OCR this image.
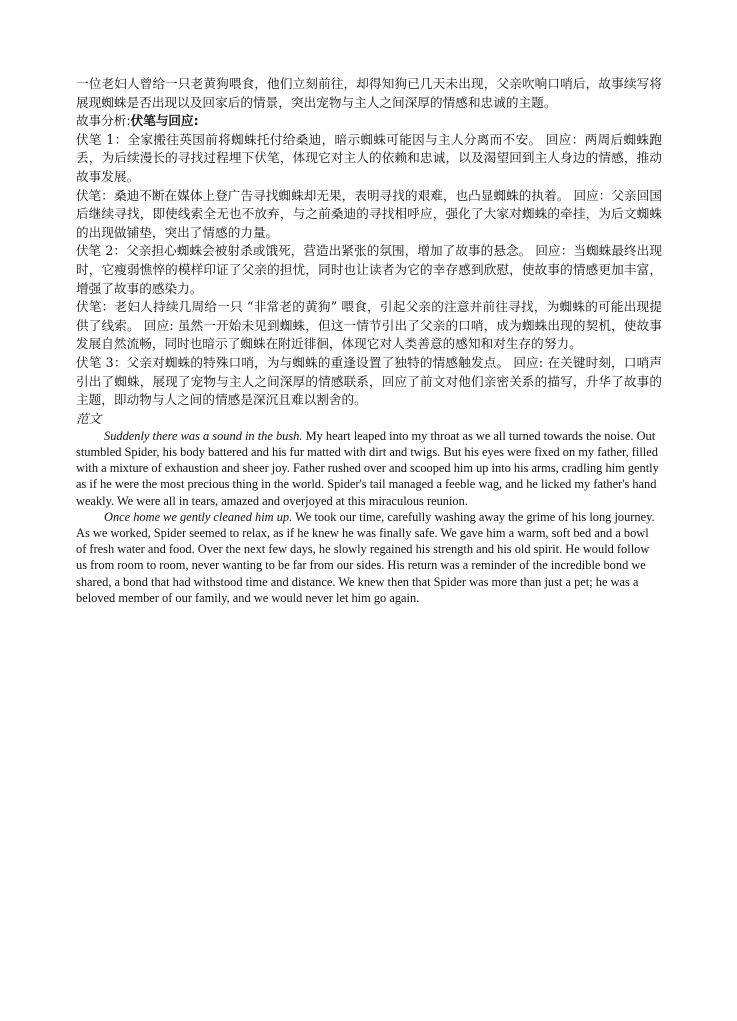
一位老妇人曾给一只老黄狗喂食，他们立刻前往，却得知狗已几天未出现，父亲吹响口哨后，故事续写将展现蜘蛛是否出现以及回家后的情景，突出宠物与主人之间深厚的情感和忠诚的主题。

故事分析:伏笔与回应:

伏笔 1：全家搬往英国前将蜘蛛托付给桑迪，暗示蜘蛛可能因与主人分离而不安。 回应：两周后蜘蛛跑丢，为后续漫长的寻找过程埋下伏笔，体现它对主人的依赖和忠诚，以及渴望回到主人身边的情感，推动故事发展。

伏笔：桑迪不断在媒体上登广告寻找蜘蛛却无果，表明寻找的艰难，也凸显蜘蛛的执着。 回应：父亲回国后继续寻找，即使线索全无也不放弃，与之前桑迪的寻找相呼应，强化了大家对蜘蛛的牵挂，为后文蜘蛛的出现做铺垫，突出了情感的力量。

伏笔 2：父亲担心蜘蛛会被射杀或饿死，营造出紧张的氛围，增加了故事的悬念。 回应：当蜘蛛最终出现时，它瘦弱憔悴的模样印证了父亲的担忧，同时也让读者为它的幸存感到欣慰，使故事的情感更加丰富，增强了故事的感染力。

伏笔：老妇人持续几周给一只 “非常老的黄狗” 喂食，引起父亲的注意并前往寻找，为蜘蛛的可能出现提供了线索。 回应: 虽然一开始未见到蜘蛛，但这一情节引出了父亲的口哨，成为蜘蛛出现的契机，使故事发展自然流畅，同时也暗示了蜘蛛在附近徘徊，体现它对人类善意的感知和对生存的努力。

伏笔 3：父亲对蜘蛛的特殊口哨，为与蜘蛛的重逢设置了独特的情感触发点。 回应: 在关键时刻，口哨声引出了蜘蛛，展现了宠物与主人之间深厚的情感联系，回应了前文对他们亲密关系的描写，升华了故事的主题，即动物与人之间的情感是深沉且难以割舍的。

范文

Suddenly there was a sound in the bush. My heart leaped into my throat as we all turned towards the noise. Out stumbled Spider, his body battered and his fur matted with dirt and twigs. But his eyes were fixed on my father, filled with a mixture of exhaustion and sheer joy. Father rushed over and scooped him up into his arms, cradling him gently as if he were the most precious thing in the world. Spider's tail managed a feeble wag, and he licked my father's hand weakly. We were all in tears, amazed and overjoyed at this miraculous reunion.

Once home we gently cleaned him up. We took our time, carefully washing away the grime of his long journey. As we worked, Spider seemed to relax, as if he knew he was finally safe. We gave him a warm, soft bed and a bowl of fresh water and food. Over the next few days, he slowly regained his strength and his old spirit. He would follow us from room to room, never wanting to be far from our sides. His return was a reminder of the incredible bond we shared, a bond that had withstood time and distance. We knew then that Spider was more than just a pet; he was a beloved member of our family, and we would never let him go again.
